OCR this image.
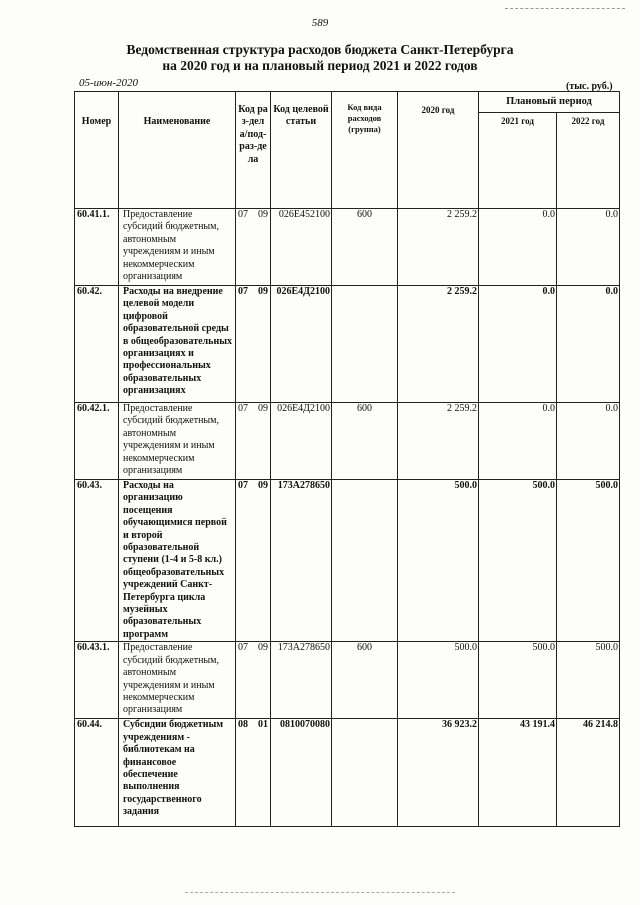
589
Ведомственная структура расходов бюджета Санкт-Петербурга
на 2020 год и на плановый период 2021 и 2022 годов
05-июн-2020	(тыс. руб.)
Номер	Наименование	Код раз-дела/под-раз-дела	Код целевой статьи	Код вида расходов (группа)	2020 год	Плановый период	
						2021 год	2022 год
60.41.1.	Предоставление субсидий бюджетным, автономным учреждениям и иным некоммерческим организациям	07 09	026Е452100	600	2 259.2	0.0	0.0
60.42.	Расходы на внедрение целевой модели цифровой образовательной среды в общеобразовательных организациях и профессиональных образовательных организациях	07 09	026Е4Д2100		2 259.2	0.0	0.0
60.42.1.	Предоставление субсидий бюджетным, автономным учреждениям и иным некоммерческим организациям	07 09	026Е4Д2100	600	2 259.2	0.0	0.0
60.43.	Расходы на организацию посещения обучающимися первой и второй образовательной ступени (1-4 и 5-8 кл.) общеобразовательных учреждений Санкт-Петербурга цикла музейных образовательных программ	07 09	173А278650		500.0	500.0	500.0
60.43.1.	Предоставление субсидий бюджетным, автономным учреждениям и иным некоммерческим организациям	07 09	173А278650	600	500.0	500.0	500.0
60.44.	Субсидии бюджетным учреждениям - библиотекам на финансовое обеспечение выполнения государственного задания	08 01	0810070080		36 923.2	43 191.4	46 214.8
